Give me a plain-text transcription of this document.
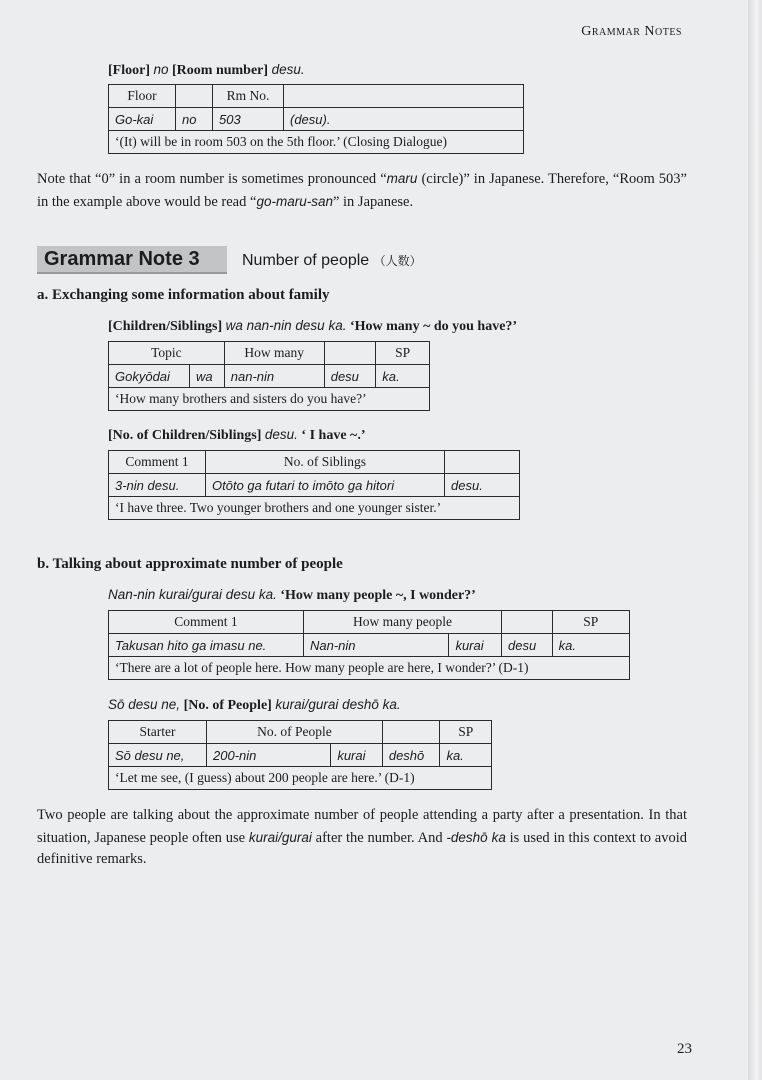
Grammar Notes
[Floor] no [Room number] desu.
Floor		Rm No.	
Go-kai	no	503	(desu).
‘(It) will be in room 503 on the 5th floor.’ (Closing Dialogue)			
Note that “0” in a room number is sometimes pronounced “maru (circle)” in Japanese. Therefore, “Room 503” in the example above would be read “go-maru-san” in Japanese.
Grammar Note 3	Number of people （人数）
a. Exchanging some information about family
[Children/Siblings] wa nan-nin desu ka. ‘How many ~ do you have?’
Topic		How many		SP
Gokyōdai	wa	nan-nin	desu	ka.
‘How many brothers and sisters do you have?’				
[No. of Children/Siblings] desu. ‘ I have ~.’
Comment 1	No. of Siblings	
3-nin desu.	Otōto ga futari to imōto ga hitori	desu.
‘I have three. Two younger brothers and one younger sister.’		
b. Talking about approximate number of people
Nan-nin kurai/gurai desu ka. ‘How many people ~, I wonder?’
Comment 1	How many people			SP
Takusan hito ga imasu ne.	Nan-nin	kurai	desu	ka.
‘There are a lot of people here. How many people are here, I wonder?’ (D-1)				
Sō desu ne, [No. of People] kurai/gurai deshō ka.
Starter	No. of People			SP
Sō desu ne,	200-nin	kurai	deshō	ka.
‘Let me see, (I guess) about 200 people are here.’ (D-1)				
Two people are talking about the approximate number of people attending a party after a presentation. In that situation, Japanese people often use kurai/gurai after the number. And -deshō ka is used in this context to avoid definitive remarks.
23
